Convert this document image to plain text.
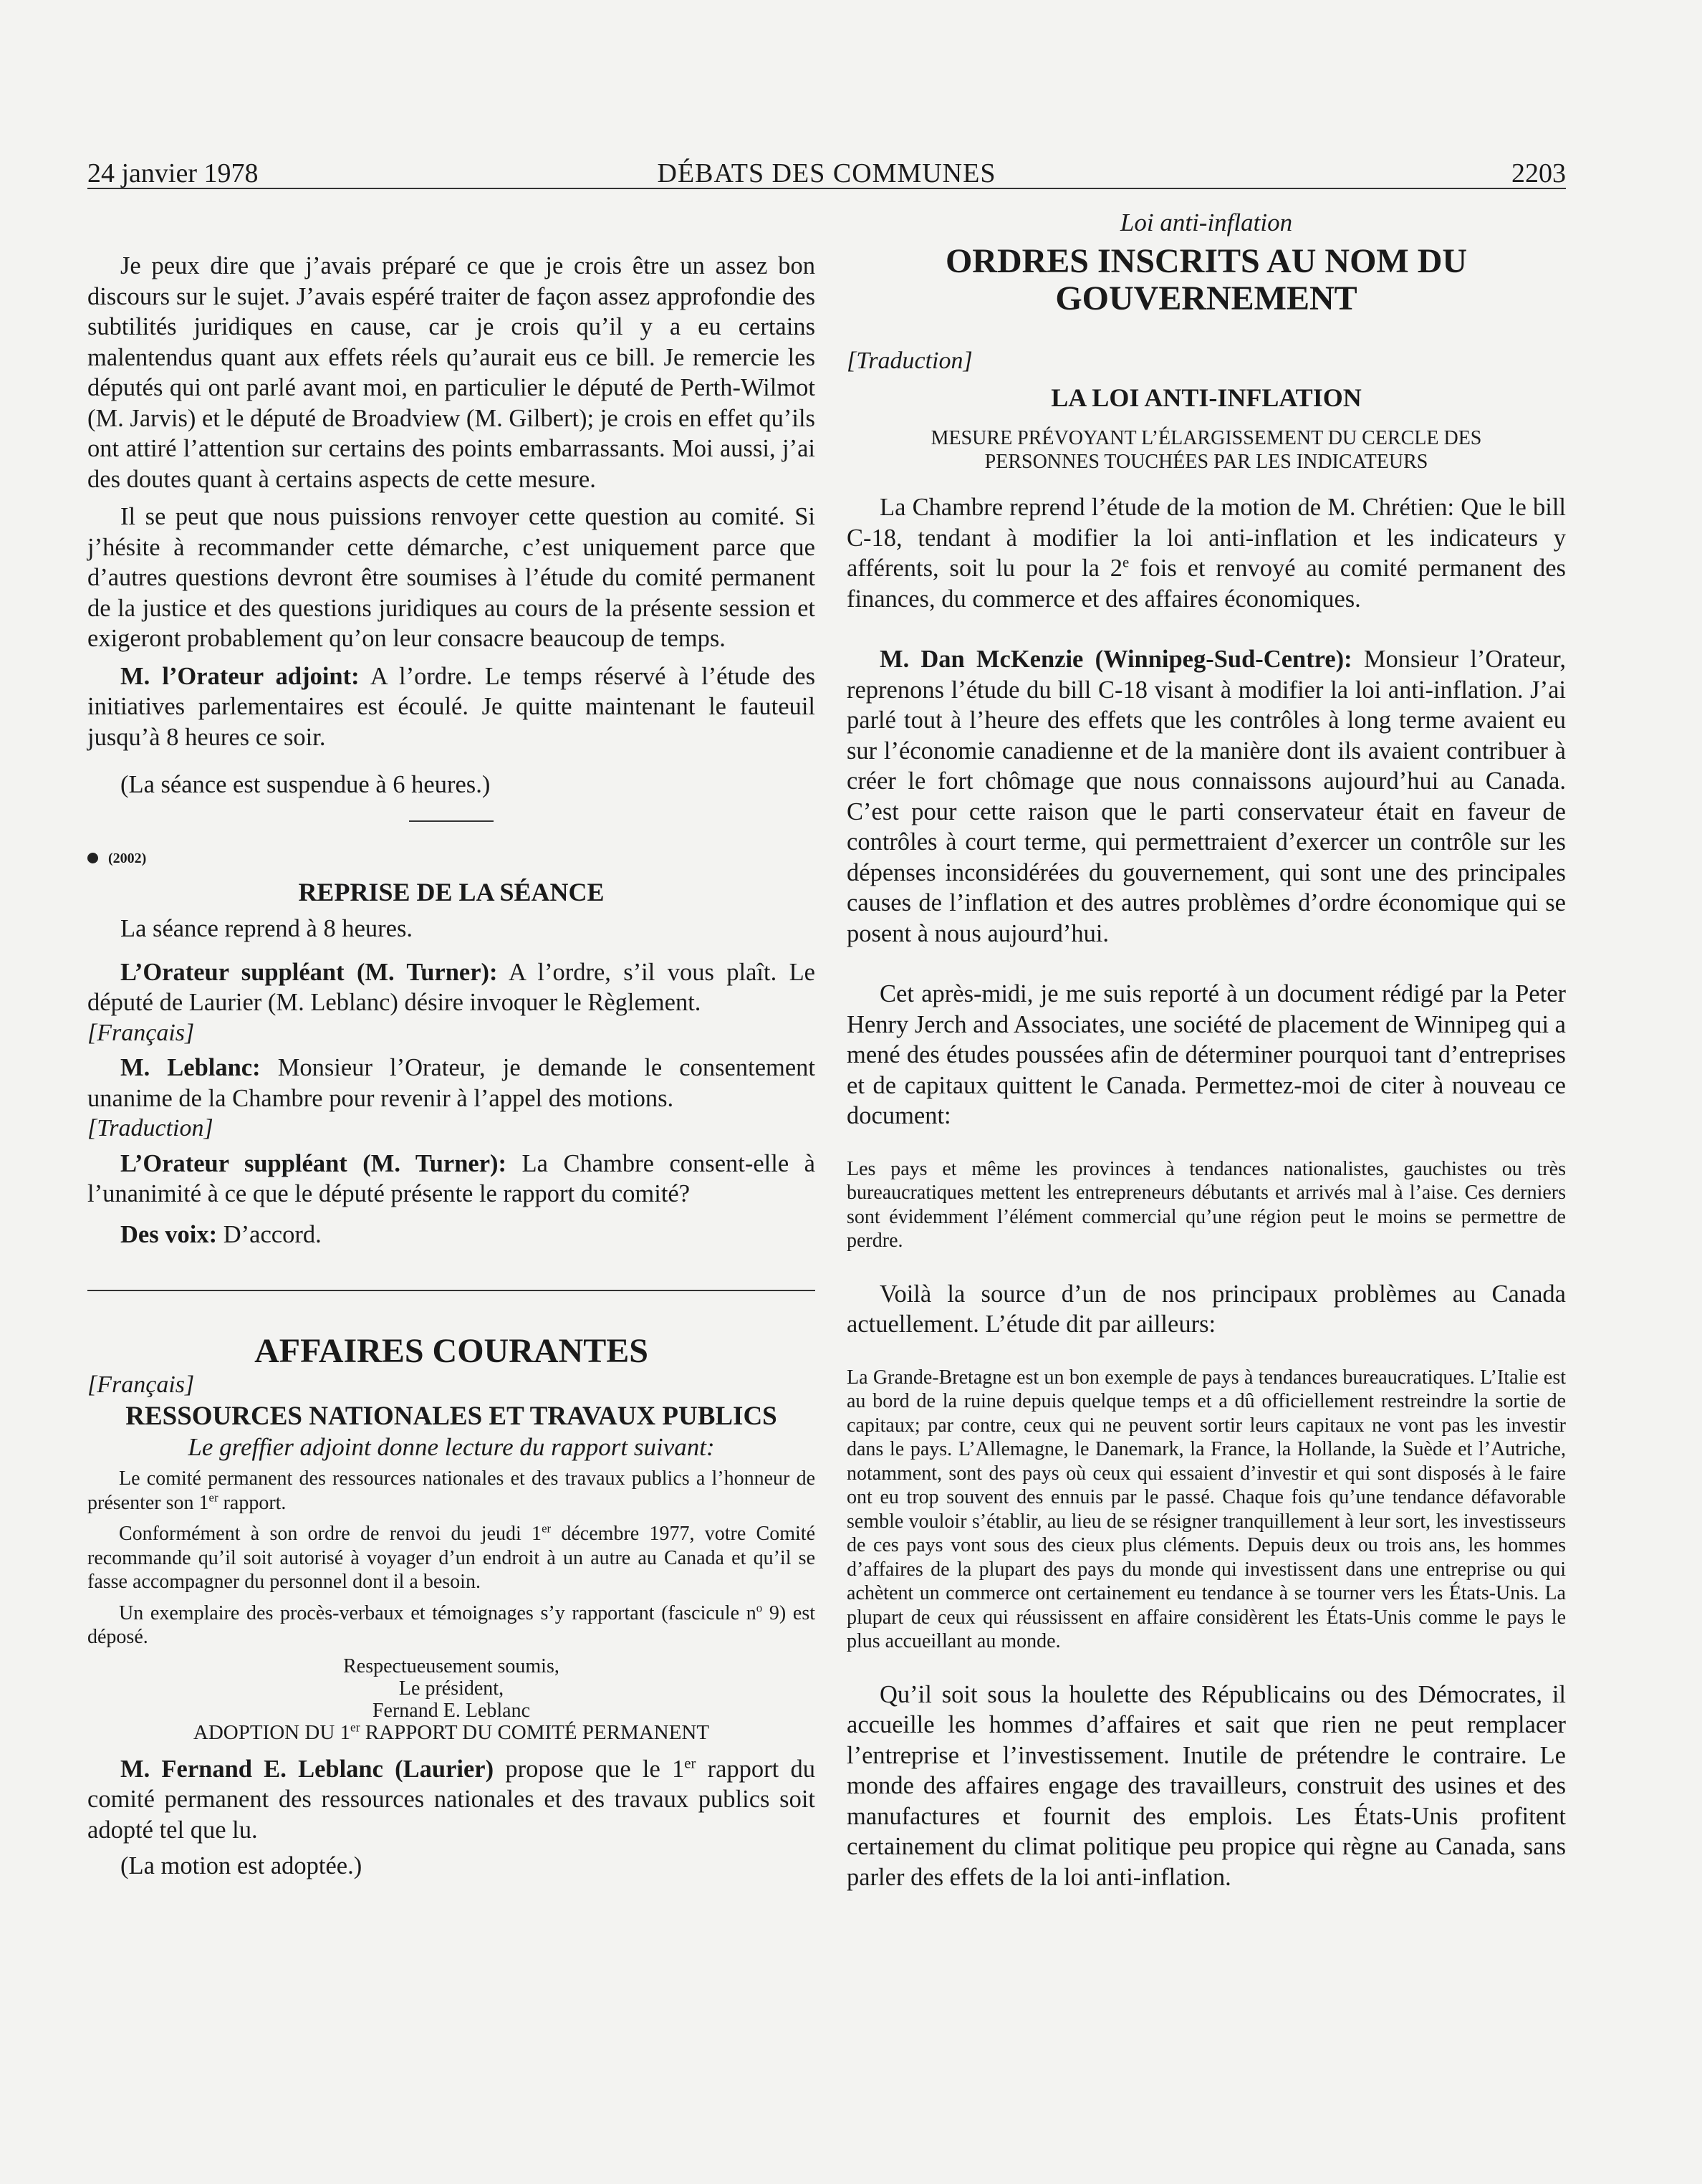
24 janvier 1978	DÉBATS DES COMMUNES	2203

Je peux dire que j’avais préparé ce que je crois être un assez bon discours sur le sujet. J’avais espéré traiter de façon assez approfondie des subtilités juridiques en cause, car je crois qu’il y a eu certains malentendus quant aux effets réels qu’aurait eus ce bill. Je remercie les députés qui ont parlé avant moi, en particulier le député de Perth-Wilmot (M. Jarvis) et le député de Broadview (M. Gilbert); je crois en effet qu’ils ont attiré l’attention sur certains des points embarrassants. Moi aussi, j’ai des doutes quant à certains aspects de cette mesure.

Il se peut que nous puissions renvoyer cette question au comité. Si j’hésite à recommander cette démarche, c’est uniquement parce que d’autres questions devront être soumises à l’étude du comité permanent de la justice et des questions juridiques au cours de la présente session et exigeront probablement qu’on leur consacre beaucoup de temps.

M. l’Orateur adjoint: A l’ordre. Le temps réservé à l’étude des initiatives parlementaires est écoulé. Je quitte maintenant le fauteuil jusqu’à 8 heures ce soir.

(La séance est suspendue à 6 heures.)

(2002)
REPRISE DE LA SÉANCE

La séance reprend à 8 heures.

L’Orateur suppléant (M. Turner): A l’ordre, s’il vous plaît. Le député de Laurier (M. Leblanc) désire invoquer le Règlement.

[Français]

M. Leblanc: Monsieur l’Orateur, je demande le consentement unanime de la Chambre pour revenir à l’appel des motions.

[Traduction]

L’Orateur suppléant (M. Turner): La Chambre consent-elle à l’unanimité à ce que le député présente le rapport du comité?

Des voix: D’accord.

AFFAIRES COURANTES
[Français]
RESSOURCES NATIONALES ET TRAVAUX PUBLICS
Le greffier adjoint donne lecture du rapport suivant:

Le comité permanent des ressources nationales et des travaux publics a l’honneur de présenter son 1er rapport.

Conformément à son ordre de renvoi du jeudi 1er décembre 1977, votre Comité recommande qu’il soit autorisé à voyager d’un endroit à un autre au Canada et qu’il se fasse accompagner du personnel dont il a besoin.

Un exemplaire des procès-verbaux et témoignages s’y rapportant (fascicule $n^o$ 9) est déposé.

Respectueusement soumis,
Le président,
Fernand E. Leblanc
ADOPTION DU 1er RAPPORT DU COMITÉ PERMANENT

M. Fernand E. Leblanc (Laurier) propose que le 1er rapport du comité permanent des ressources nationales et des travaux publics soit adopté tel que lu.

(La motion est adoptée.)

Loi anti-inflation
ORDRES INSCRITS AU NOM DU GOUVERNEMENT
[Traduction]
LA LOI ANTI-INFLATION
MESURE PRÉVOYANT L’ÉLARGISSEMENT DU CERCLE DES PERSONNES TOUCHÉES PAR LES INDICATEURS

La Chambre reprend l’étude de la motion de M. Chrétien: Que le bill C-18, tendant à modifier la loi anti-inflation et les indicateurs y afférents, soit lu pour la 2e fois et renvoyé au comité permanent des finances, du commerce et des affaires économiques.

M. Dan McKenzie (Winnipeg-Sud-Centre): Monsieur l’Orateur, reprenons l’étude du bill C-18 visant à modifier la loi anti-inflation. J’ai parlé tout à l’heure des effets que les contrôles à long terme avaient eu sur l’économie canadienne et de la manière dont ils avaient contribuer à créer le fort chômage que nous connaissons aujourd’hui au Canada. C’est pour cette raison que le parti conservateur était en faveur de contrôles à court terme, qui permettraient d’exercer un contrôle sur les dépenses inconsidérées du gouvernement, qui sont une des principales causes de l’inflation et des autres problèmes d’ordre économique qui se posent à nous aujourd’hui.

Cet après-midi, je me suis reporté à un document rédigé par la Peter Henry Jerch and Associates, une société de placement de Winnipeg qui a mené des études poussées afin de déterminer pourquoi tant d’entreprises et de capitaux quittent le Canada. Permettez-moi de citer à nouveau ce document:

Les pays et même les provinces à tendances nationalistes, gauchistes ou très bureaucratiques mettent les entrepreneurs débutants et arrivés mal à l’aise. Ces derniers sont évidemment l’élément commercial qu’une région peut le moins se permettre de perdre.

Voilà la source d’un de nos principaux problèmes au Canada actuellement. L’étude dit par ailleurs:

La Grande-Bretagne est un bon exemple de pays à tendances bureaucratiques. L’Italie est au bord de la ruine depuis quelque temps et a dû officiellement restreindre la sortie de capitaux; par contre, ceux qui ne peuvent sortir leurs capitaux ne vont pas les investir dans le pays. L’Allemagne, le Danemark, la France, la Hollande, la Suède et l’Autriche, notamment, sont des pays où ceux qui essaient d’investir et qui sont disposés à le faire ont eu trop souvent des ennuis par le passé. Chaque fois qu’une tendance défavorable semble vouloir s’établir, au lieu de se résigner tranquillement à leur sort, les investisseurs de ces pays vont sous des cieux plus cléments. Depuis deux ou trois ans, les hommes d’affaires de la plupart des pays du monde qui investissent dans une entreprise ou qui achètent un commerce ont certainement eu tendance à se tourner vers les États-Unis. La plupart de ceux qui réussissent en affaire considèrent les États-Unis comme le pays le plus accueillant au monde.

Qu’il soit sous la houlette des Républicains ou des Démocrates, il accueille les hommes d’affaires et sait que rien ne peut remplacer l’entreprise et l’investissement. Inutile de prétendre le contraire. Le monde des affaires engage des travailleurs, construit des usines et des manufactures et fournit des emplois. Les États-Unis profitent certainement du climat politique peu propice qui règne au Canada, sans parler des effets de la loi anti-inflation.
